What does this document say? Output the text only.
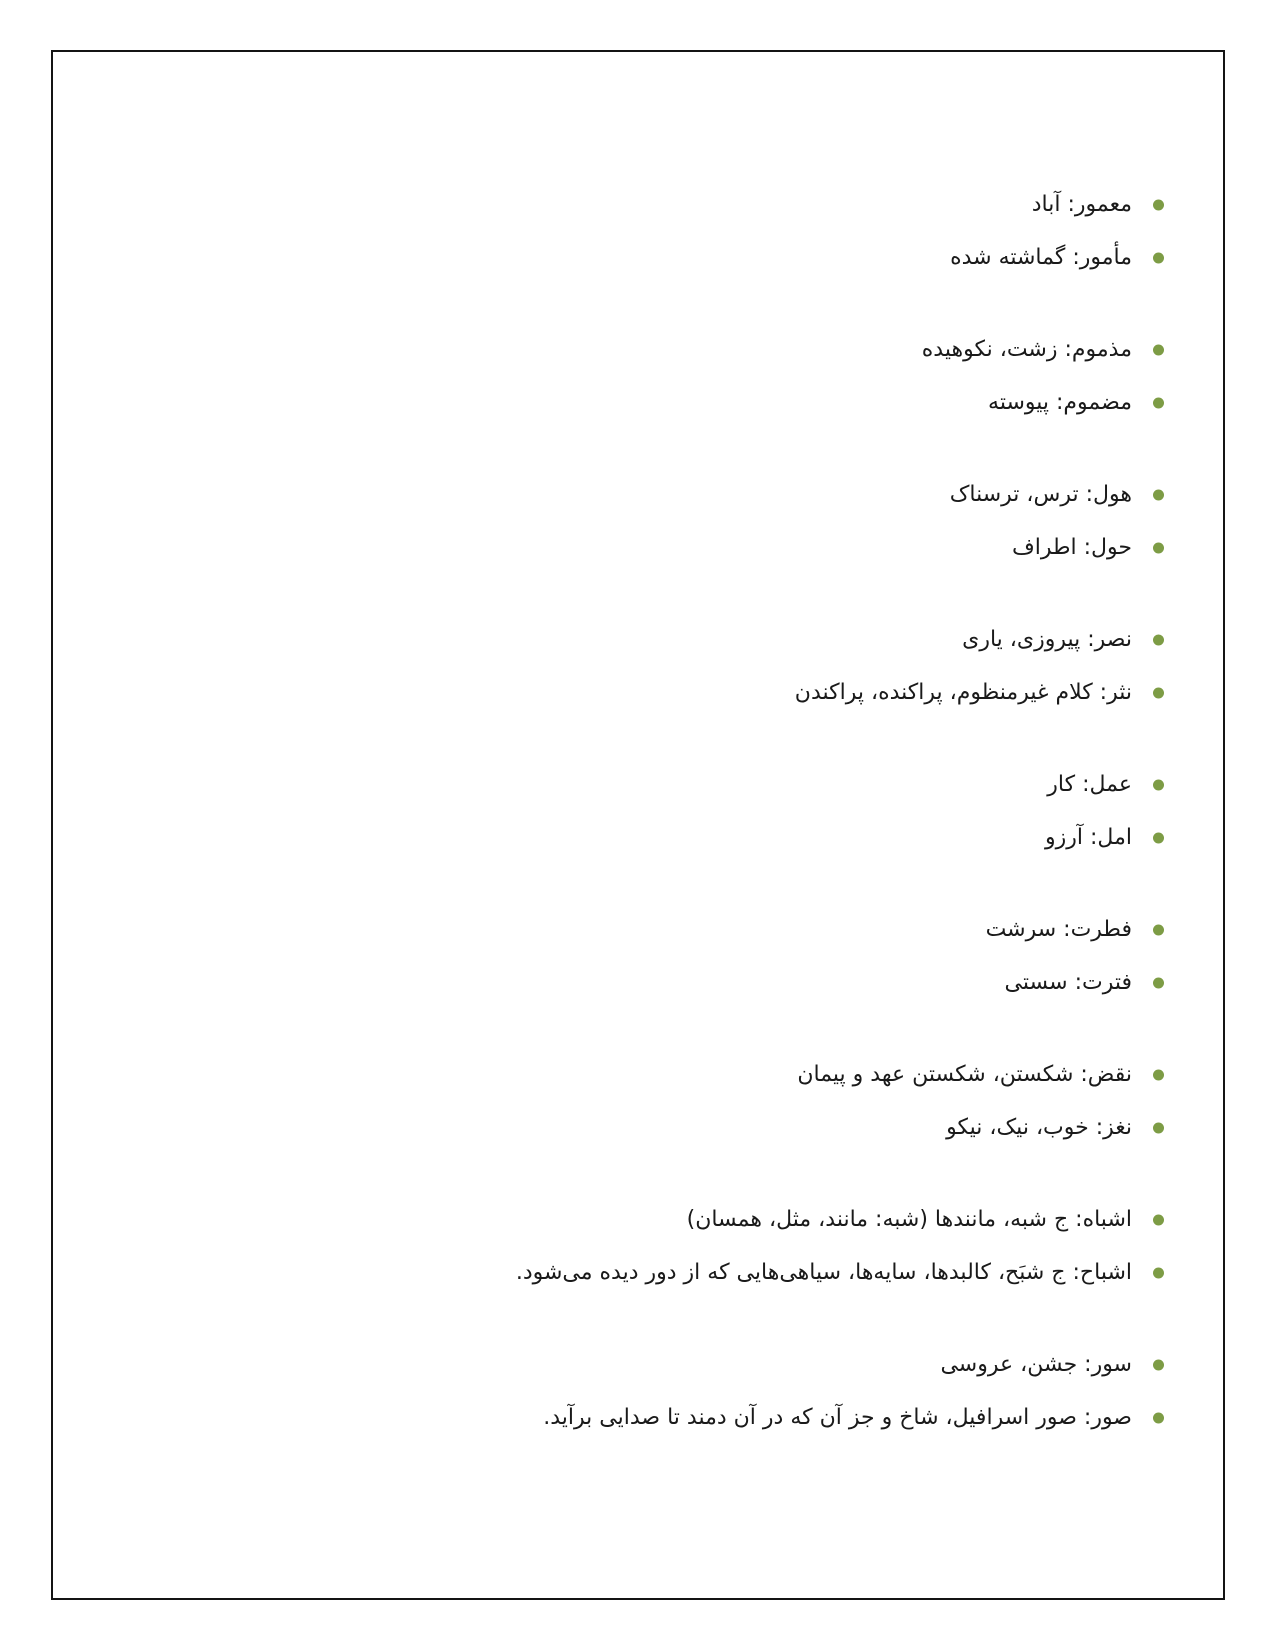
معمور: آباد
مأمور: گماشته شده
مذموم: زشت، نکوهیده
مضموم: پیوسته
هول: ترس، ترسناک
حول: اطراف
نصر: پیروزی، یاری
نثر: کلام غیرمنظوم، پراکنده، پراکندن
عمل: کار
امل: آرزو
فطرت: سرشت
فترت: سستی
نقض: شکستن، شکستن عهد و پیمان
نغز: خوب، نیک، نیکو
اشباه: ج شبه، مانندها (شبه: مانند، مثل، همسان)
اشباح: ج شبَح، کالبدها، سایه‌ها، سیاهی‌هایی که از دور دیده می‌شود.
سور: جشن، عروسی
صور: صور اسرافیل، شاخ و جز آن که در آن دمند تا صدایی برآید.
